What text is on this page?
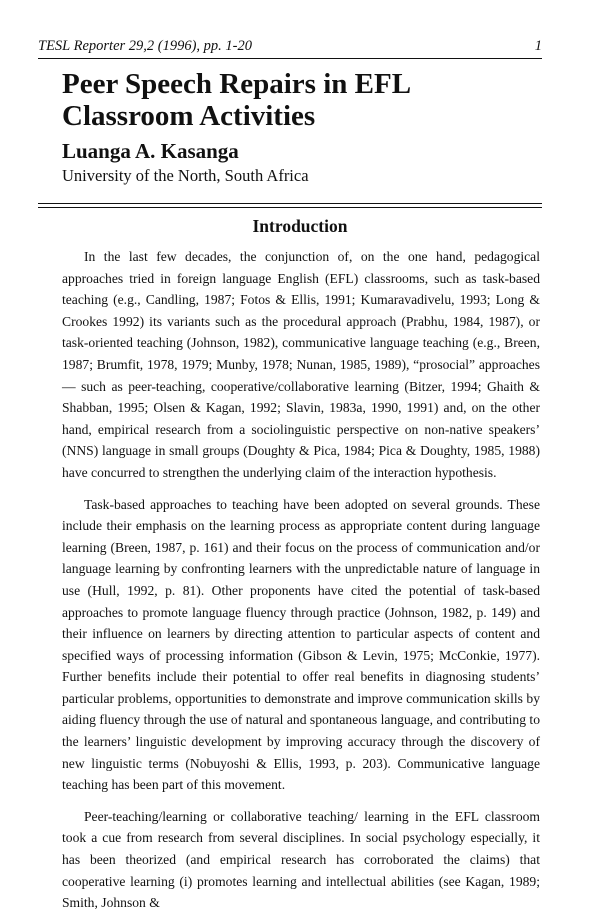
TESL Reporter 29,2 (1996), pp. 1-20	1
Peer Speech Repairs in EFL Classroom Activities
Luanga A. Kasanga
University of the North, South Africa
Introduction

In the last few decades, the conjunction of, on the one hand, pedagogical approaches tried in foreign language English (EFL) classrooms, such as task-based teaching (e.g., Candling, 1987; Fotos & Ellis, 1991; Kumaravadivelu, 1993; Long & Crookes 1992) its variants such as the procedural approach (Prabhu, 1984, 1987), or task-oriented teaching (Johnson, 1982), communicative language teaching (e.g., Breen, 1987; Brumfit, 1978, 1979; Munby, 1978; Nunan, 1985, 1989), “prosocial” approaches — such as peer-teaching, cooperative/collaborative learning (Bitzer, 1994; Ghaith & Shabban, 1995; Olsen & Kagan, 1992; Slavin, 1983a, 1990, 1991) and, on the other hand, empirical research from a sociolinguistic perspective on non-native speakers’ (NNS) language in small groups (Doughty & Pica, 1984; Pica & Doughty, 1985, 1988) have concurred to strengthen the underlying claim of the interaction hypothesis.

Task-based approaches to teaching have been adopted on several grounds. These include their emphasis on the learning process as appropriate content during language learning (Breen, 1987, p. 161) and their focus on the process of communication and/or language learning by confronting learners with the unpredictable nature of language in use (Hull, 1992, p. 81). Other proponents have cited the potential of task-based approaches to promote language fluency through practice (Johnson, 1982, p. 149) and their influence on learners by directing attention to particular aspects of content and specified ways of processing information (Gibson & Levin, 1975; McConkie, 1977). Further benefits include their potential to offer real benefits in diagnosing students’ particular problems, opportunities to demonstrate and improve communication skills by aiding fluency through the use of natural and spontaneous language, and contributing to the learners’ linguistic development by improving accuracy through the discovery of new linguistic terms (Nobuyoshi & Ellis, 1993, p. 203). Communicative language teaching has been part of this movement.

Peer-teaching/learning or collaborative teaching/ learning in the EFL classroom took a cue from research from several disciplines. In social psychology especially, it has been theorized (and empirical research has corroborated the claims) that cooperative learning (i) promotes learning and intellectual abilities (see Kagan, 1989; Smith, Johnson &
